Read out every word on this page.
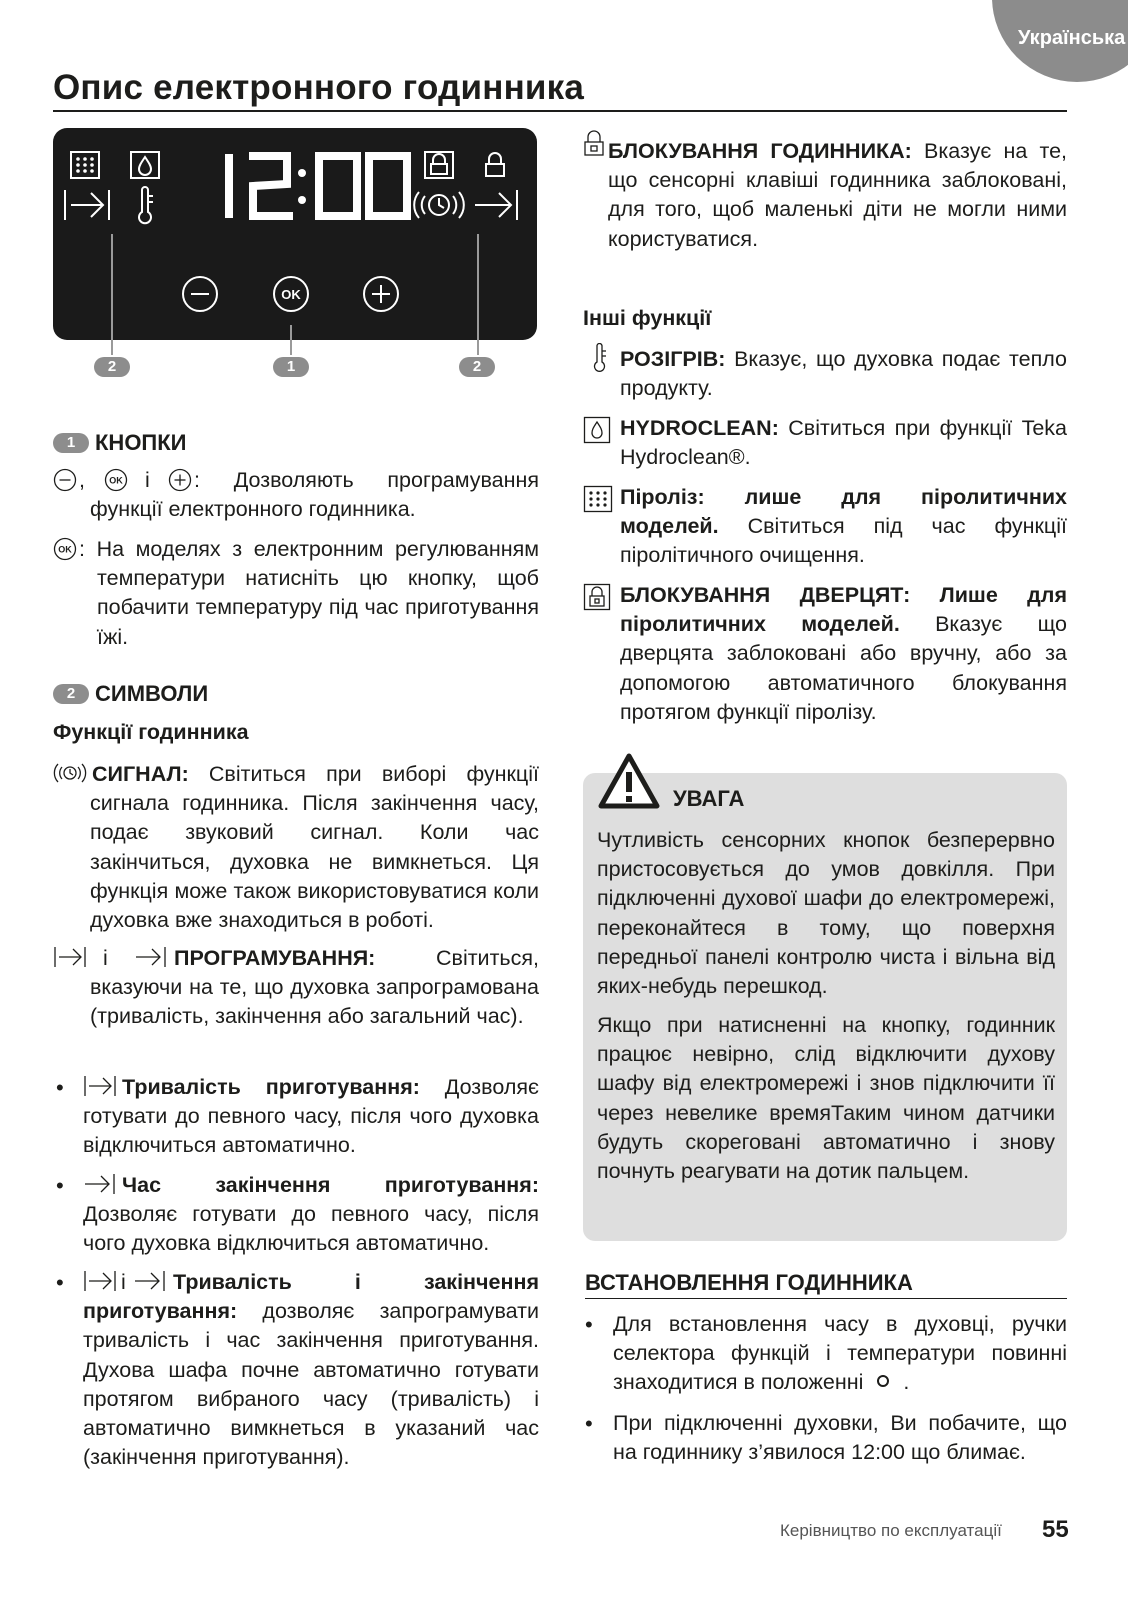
Українська
Опис електронного годинника
OK
2	1	2
1 КНОПКИ
,	OK і	: Дозволяють програмування функції електронного годинника.
OK : На моделях з електронним регулюванням температури натисніть цю кнопку, щоб побачити температуру під час приготування їжі.
2 СИМВОЛИ
Функції годинника
СИГНАЛ: Світиться при виборі функції сигнала годинника. Після закінчення часу, подає звуковий сигнал. Коли час закінчиться, духовка не вимкнеться. Ця функція може також використовуватися коли духовка вже знаходиться в роботі.
і	ПРОГРАМУВАННЯ: Світиться, вказуючи на те, що духовка запрограмована (тривалість, закінчення або загальний час).
•	Тривалість приготування: Дозволяє готувати до певного часу, після чого духовка відключиться автоматично.
•	Час закінчення приготування: Дозволяє готувати до певного часу, після чого духовка відключиться автоматично.
•	і	Тривалість і закінчення приготування: дозволяє запрограмувати тривалість і час закінчення приготування. Духова шафа почне автоматично готувати протягом вибраного часу (тривалість) і автоматично вимкнеться в указаний час (закінчення приготування).
БЛОКУВАННЯ ГОДИННИКА: Вказує на те, що сенсорні клавіші годинника заблоковані, для того, щоб маленькі діти не могли ними користуватися.
Інші функції
РОЗІГРІВ: Вказує, що духовка подає тепло продукту.
HYDROCLEAN: Світиться при функції Teka Hydroclean®.
Піроліз: лише для піролитичних моделей. Світиться під час функції піролітичного очищення.
БЛОКУВАННЯ ДВЕРЦЯТ: Лише для піролитичних моделей. Вказує що дверцята заблоковані або вручну, або за допомогою автоматичного блокування протягом функції піролізу.
УВАГА
Чутливість сенсорних кнопок безперервно пристосовується до умов довкілля. При підключенні духової шафи до електромережі, переконайтеся в тому, що поверхня передньої панелі контролю чиста і вільна від яких-небудь перешкод.
Якщо при натисненні на кнопку, годинник працює невірно, слід відключити духову шафу від електромережі і знов підключити її через невелике времяТаким чином датчики будуть скореговані автоматично і знову почнуть реагувати на дотик пальцем.
ВСТАНОВЛЕННЯ ГОДИННИКА
• Для встановлення часу в духовці, ручки селектора функцій і температури повинні знаходитися в положенні
.
• При підключенні духовки, Ви побачите, що на годиннику з’явилося 12:00 що блимає.
Керівництво по експлуатації 55
